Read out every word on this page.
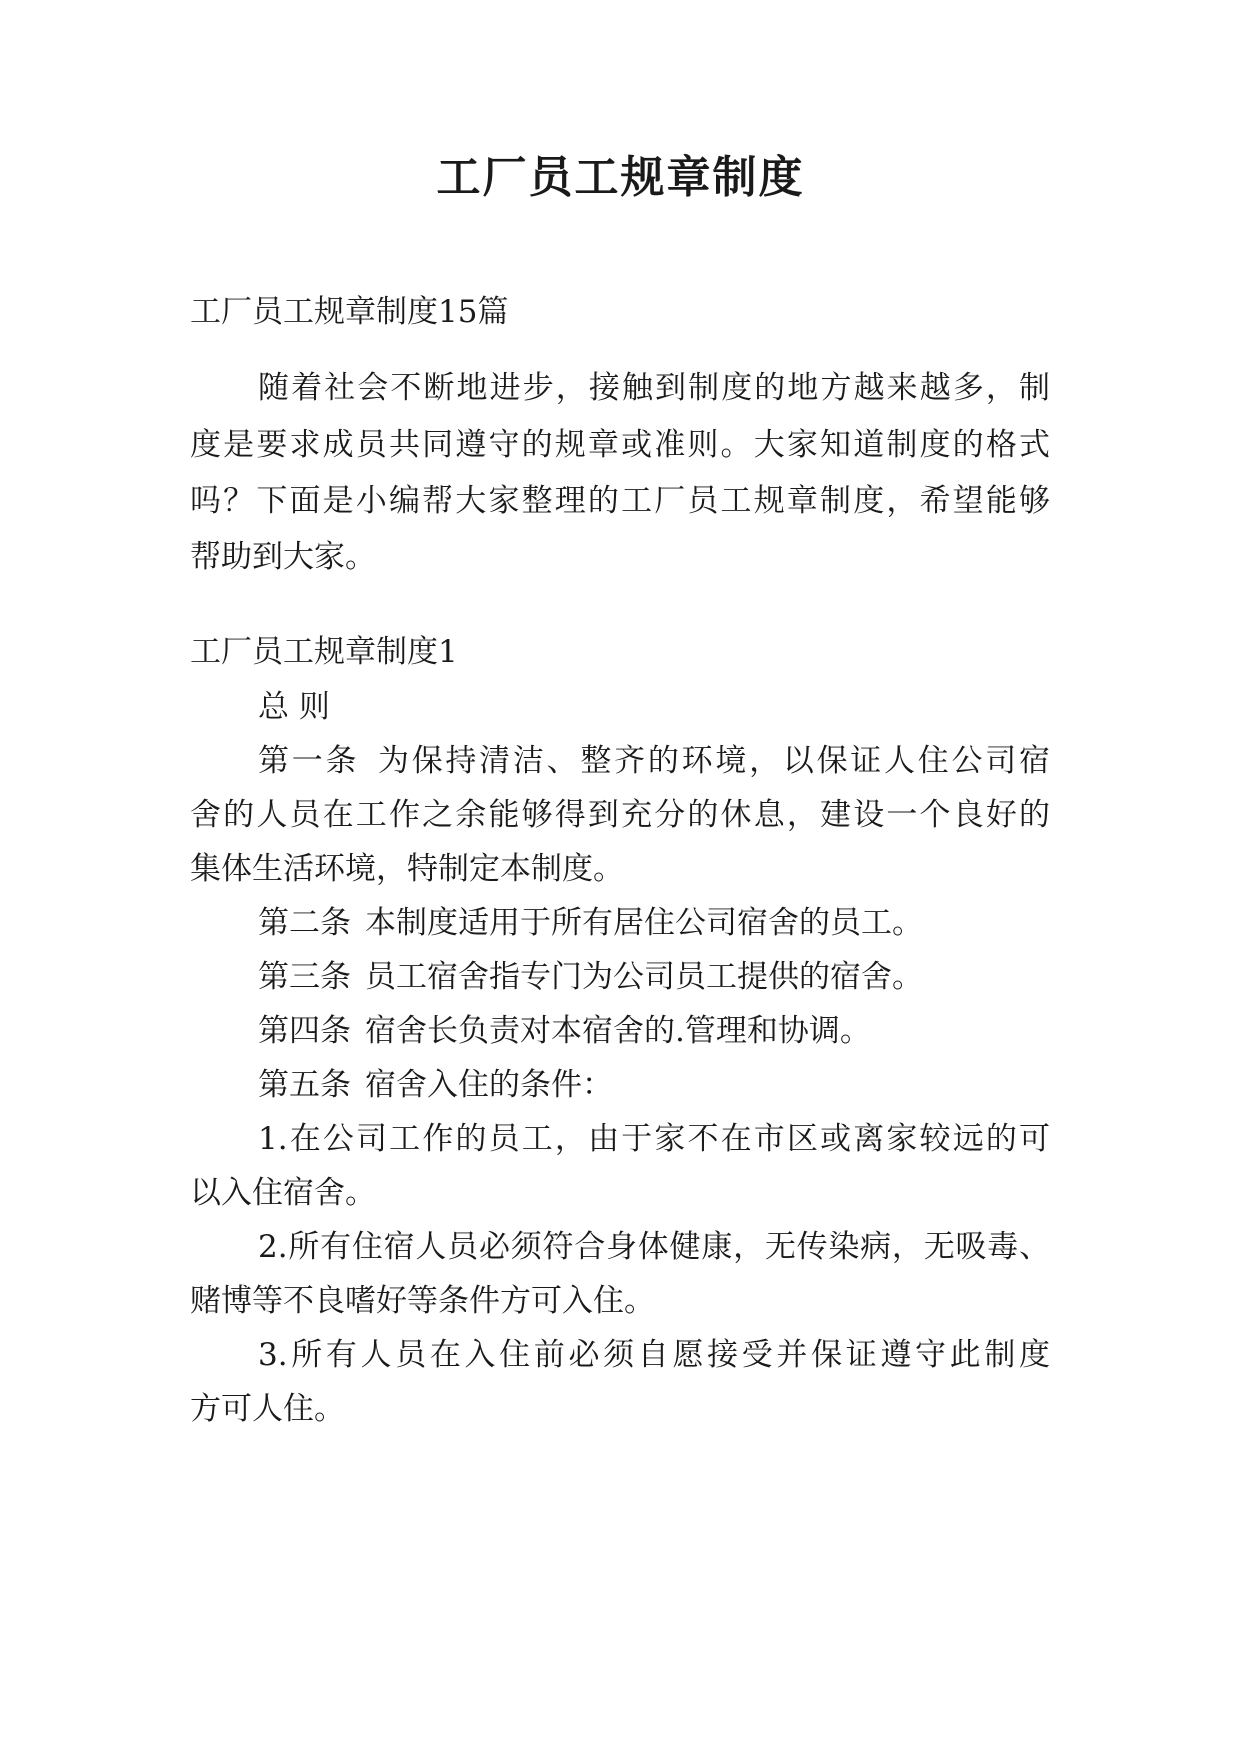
工厂员工规章制度

工厂员工规章制度15篇

随着社会不断地进步，接触到制度的地方越来越多，制

度是要求成员共同遵守的规章或准则。大家知道制度的格式

吗？下面是小编帮大家整理的工厂员工规章制度，希望能够

帮助到大家。

工厂员工规章制度1

总 则

第一条 为保持清洁、整齐的环境，以保证人住公司宿

舍的人员在工作之余能够得到充分的休息，建设一个良好的

集体生活环境，特制定本制度。

第二条 本制度适用于所有居住公司宿舍的员工。
第三条 员工宿舍指专门为公司员工提供的宿舍。
第四条 宿舍长负责对本宿舍的.管理和协调。
第五条 宿舍入住的条件：

1.在公司工作的员工，由于家不在市区或离家较远的可

以入住宿舍。

2.所有住宿人员必须符合身体健康，无传染病，无吸毒、

赌博等不良嗜好等条件方可入住。

3.所有人员在入住前必须自愿接受并保证遵守此制度

方可人住。
